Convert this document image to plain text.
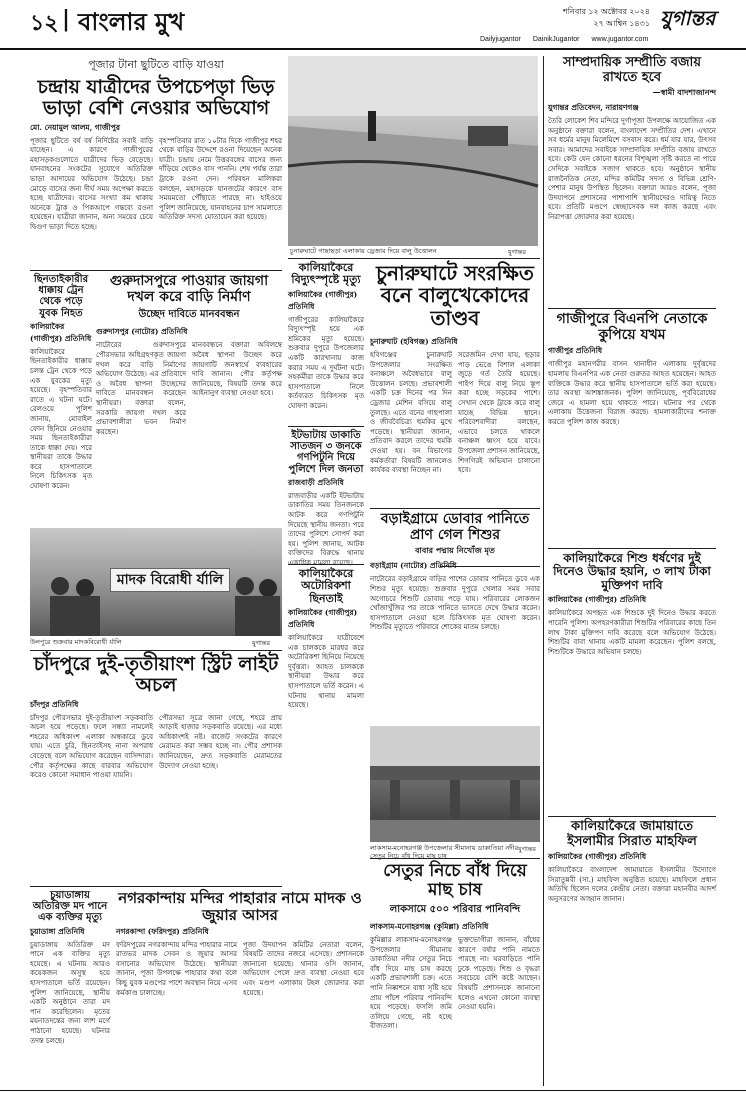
১২ | বাংলার মুখ	শনিবার ১২ অক্টোবর ২০২৪
২৭ আশ্বিন ১৪৩১ যুগান্তর
Dailyjugantor DainikJugantor www.jugantor.com
পূজার টানা ছুটিতে বাড়ি যাওয়া
চন্দ্রায় যাত্রীদের উপচেপড়া ভিড় ভাড়া বেশি নেওয়ার অভিযোগ
মো. নেয়ামুল আলম, গাজীপুর
পূজার ছুটিতে বর্ষ বর্ষ নির্দিষ্টের সবাই বাড়ি যাচ্ছেন। এ কারণে গাজীপুরের মহাসড়কগুলোতে যাত্রীদের ভিড় বেড়েছে। যানবাহনের সংকটের সুযোগে অতিরিক্ত ভাড়া আদায়ের অভিযোগ উঠেছে। চন্দ্রা মোড়ে বাসের জন্য দীর্ঘ সময় অপেক্ষা করতে হচ্ছে যাত্রীদের। বাসের সংখ্যা কম থাকায় অনেকে ট্রাক ও পিকআপে গন্তব্যে রওনা হয়েছেন। যাত্রীরা জানান, অন্য সময়ের চেয়ে দ্বিগুণ ভাড়া দিতে হচ্ছে।
বৃহস্পতিবার রাত ১০টার দিকে গাজীপুর শহর থেকে বাড়ির উদ্দেশে রওনা দিয়েছেন অনেক যাত্রী। চন্দ্রায় নেমে উত্তরবঙ্গের বাসের জন্য দাঁড়িয়ে থেকেও বাস পাননি। শেষ পর্যন্ত তারা ট্রাকে রওনা দেন। পরিবহন মালিকরা বলছেন, মহাসড়কে যানজটের কারণে বাস সময়মতো পৌঁছাতে পারছে না। হাইওয়ে পুলিশ জানিয়েছে, যানবাহনের চাপ সামলাতে অতিরিক্ত সদস্য মোতায়েন করা হয়েছে।
চুনারুঘাটে গাছাছড়া এলাকায় ড্রেজার দিয়ে বালু উত্তোলন	যুগান্তর
সাম্প্রদায়িক সম্প্রীতি বজায় রাখতে হবে
—স্বামী বাদশাজানন্দ
যুগান্তর প্রতিবেদন, নারায়ণগঞ্জ
তৈরি লোকেশ শিব মন্দিরে দুর্গাপূজা উপলক্ষে আয়োজিত এক অনুষ্ঠানে বক্তারা বলেন, বাংলাদেশ সম্প্রীতির দেশ। এখানে সব ধর্মের মানুষ মিলেমিশে বসবাস করে। ধর্ম যার যার, উৎসব সবার। আমাদের সবাইকে সাম্প্রদায়িক সম্প্রীতি বজায় রাখতে হবে। কেউ যেন কোনো ধরনের বিশৃঙ্খলা সৃষ্টি করতে না পারে সেদিকে সবাইকে সজাগ থাকতে হবে। অনুষ্ঠানে স্থানীয় রাজনৈতিক নেতা, মন্দির কমিটির সদস্য ও বিভিন্ন শ্রেণি-পেশার মানুষ উপস্থিত ছিলেন। বক্তারা আরও বলেন, পূজা উদযাপনে প্রশাসনের পাশাপাশি স্থানীয়দেরও দায়িত্ব নিতে হবে। প্রতিটি মণ্ডপে স্বেচ্ছাসেবক দল কাজ করছে এবং নিরাপত্তা জোরদার করা হয়েছে।
গাজীপুরে বিএনপি নেতাকে কুপিয়ে যখম
গাজীপুর প্রতিনিধি
গাজীপুর মহানগরীর বাসন থানাধীন এলাকায় দুর্বৃত্তদের হামলায় বিএনপির এক নেতা গুরুতর আহত হয়েছেন। আহত ব্যক্তিকে উদ্ধার করে স্থানীয় হাসপাতালে ভর্তি করা হয়েছে। তার অবস্থা আশঙ্কাজনক। পুলিশ জানিয়েছে, পূর্ববিরোধের জেরে এ হামলা হয়ে থাকতে পারে। ঘটনার পর থেকে এলাকায় উত্তেজনা বিরাজ করছে। হামলাকারীদের শনাক্ত করতে পুলিশ কাজ করছে।
কালিয়াকৈরে শিশু ধর্ষণের দুই দিনেও উদ্ধার হয়নি, ৩ লাখ টাকা মুক্তিপণ দাবি
কালিয়াকৈর (গাজীপুর) প্রতিনিধি
কালিয়াকৈরে অপহৃত এক শিশুকে দুই দিনেও উদ্ধার করতে পারেনি পুলিশ। অপহরণকারীরা শিশুটির পরিবারের কাছে তিন লাখ টাকা মুক্তিপণ দাবি করেছে বলে অভিযোগ উঠেছে। শিশুটির বাবা থানায় একটি মামলা করেছেন। পুলিশ বলছে, শিশুটিকে উদ্ধারে অভিযান চলছে।
কালিয়াকৈরে জামায়াতে ইসলামীর সিরাত মাহফিল
কালিয়াকৈর (গাজীপুর) প্রতিনিধি
কালিয়াকৈরে বাংলাদেশ জামায়াতে ইসলামীর উদ্যোগে সিরাতুন্নবী (সা.) মাহফিল অনুষ্ঠিত হয়েছে। মাহফিলে প্রধান অতিথি ছিলেন দলের কেন্দ্রীয় নেতা। বক্তারা মহানবীর আদর্শ অনুসরণের আহ্বান জানান।
কালিয়াকৈরে বিদ্যুৎস্পৃষ্টে মৃত্যু
কালিয়াকৈর (গাজীপুর) প্রতিনিধি
গাজীপুরের কালিয়াকৈরে বিদ্যুৎস্পৃষ্ট হয়ে এক শ্রমিকের মৃত্যু হয়েছে। শুক্রবার দুপুরে উপজেলার একটি কারখানায় কাজ করার সময় এ দুর্ঘটনা ঘটে। সহকর্মীরা তাকে উদ্ধার করে হাসপাতালে নিলে কর্তব্যরত চিকিৎসক মৃত ঘোষণা করেন।
চুনারুঘাটে সংরক্ষিত বনে বালুখেকোদের তাণ্ডব
চুনারুঘাট (হবিগঞ্জ) প্রতিনিধি
হবিগঞ্জের চুনারুঘাট উপজেলার সংরক্ষিত বনাঞ্চলে অবৈধভাবে বালু উত্তোলন চলছে। প্রভাবশালী একটি চক্র দিনের পর দিন ড্রেজার মেশিন বসিয়ে বালু তুলছে। এতে বনের গাছপালা ও জীববৈচিত্র্য হুমকির মুখে পড়েছে। স্থানীয়রা জানান, প্রতিবাদ করলে তাদের হুমকি দেওয়া হয়। বন বিভাগের কর্মকর্তারা বিষয়টি জানলেও কার্যকর ব্যবস্থা নিচ্ছেন না।
সরেজমিন দেখা যায়, ছড়ার পাড় ভেঙে বিশাল এলাকা জুড়ে গর্ত তৈরি হয়েছে। পাইপ দিয়ে বালু নিয়ে স্তূপ করা হচ্ছে সড়কের পাশে। সেখান থেকে ট্রাকে করে বালু যাচ্ছে বিভিন্ন স্থানে। পরিবেশবাদীরা বলছেন, এভাবে চলতে থাকলে বনাঞ্চল ধ্বংস হয়ে যাবে। উপজেলা প্রশাসন জানিয়েছে, শিগগিরই অভিযান চালানো হবে।
ইটভাটায় ডাকাতি সাতজন ৩ জনকে গণপিটুনি দিয়ে পুলিশে দিল জনতা
রাজবাড়ী প্রতিনিধি
রাজবাড়ীর একটি ইটভাটায় ডাকাতির সময় তিনজনকে আটক করে গণপিটুনি দিয়েছে স্থানীয় জনতা। পরে তাদের পুলিশে সোপর্দ করা হয়। পুলিশ জানায়, আটক ব্যক্তিদের বিরুদ্ধে থানায় একাধিক মামলা রয়েছে।
গুরুদাসপুরে পাওয়ার জায়গা দখল করে বাড়ি নির্মাণ
উচ্ছেদ দাবিতে মানববন্ধন
গুরুদাসপুর (নাটোর) প্রতিনিধি
নাটোরের গুরুদাসপুরে পৌরসভার অধিগ্রহণকৃত জায়গা দখল করে বাড়ি নির্মাণের অভিযোগ উঠেছে। এর প্রতিবাদে ও অবৈধ স্থাপনা উচ্ছেদের দাবিতে মানববন্ধন করেছেন স্থানীয়রা। বক্তারা বলেন, সরকারি জায়গা দখল করে প্রভাবশালীরা ভবন নির্মাণ করছেন।
মানববন্ধনে বক্তারা অবিলম্বে অবৈধ স্থাপনা উচ্ছেদ করে জায়গাটি জনস্বার্থে ব্যবহারের দাবি জানান। পৌর কর্তৃপক্ষ জানিয়েছে, বিষয়টি তদন্ত করে আইনানুগ ব্যবস্থা নেওয়া হবে।
ছিনতাইকারীর ধাক্কায় ট্রেন থেকে পড়ে যুবক নিহত
কালিয়াকৈর (গাজীপুর) প্রতিনিধি
কালিয়াকৈরে ছিনতাইকারীর ধাক্কায় চলন্ত ট্রেন থেকে পড়ে এক যুবকের মৃত্যু হয়েছে। বৃহস্পতিবার রাতে এ ঘটনা ঘটে। রেলওয়ে পুলিশ জানায়, মোবাইল ফোন ছিনিয়ে নেওয়ার সময় ছিনতাইকারীরা তাকে ধাক্কা দেয়। পরে স্থানীয়রা তাকে উদ্ধার করে হাসপাতালে নিলে চিকিৎসক মৃত ঘোষণা করেন।
মাদক বিরোধী র্যালি
উলপুরে শুক্রবার মাদকবিরোধী র্যালি	যুগান্তর
বড়াইগ্রামে ডোবার পানিতে প্রাণ গেল শিশুর
বাবার পদ্মায় নিখোঁজ মৃত
বড়াইগ্রাম (নাটোর) প্রতিনিধি
নাটোরের বড়াইগ্রামে বাড়ির পাশের ডোবার পানিতে ডুবে এক শিশুর মৃত্যু হয়েছে। শুক্রবার দুপুরে খেলার সময় সবার অগোচরে শিশুটি ডোবায় পড়ে যায়। পরিবারের লোকজন খোঁজাখুঁজির পর তাকে পানিতে ভাসতে দেখে উদ্ধার করেন। হাসপাতালে নেওয়া হলে চিকিৎসক মৃত ঘোষণা করেন। শিশুটির মৃত্যুতে পরিবারে শোকের মাতম চলছে।
চাঁদপুরে দুই-তৃতীয়াংশ স্ট্রিট লাইট অচল
চাঁদপুর প্রতিনিধি
চাঁদপুর পৌরসভার দুই-তৃতীয়াংশ সড়কবাতি অচল হয়ে পড়েছে। ফলে সন্ধ্যা নামলেই শহরের অধিকাংশ এলাকা অন্ধকারে ডুবে যায়। এতে চুরি, ছিনতাইসহ নানা অপরাধ বেড়েছে বলে অভিযোগ করেছেন বাসিন্দারা। পৌর কর্তৃপক্ষের কাছে বারবার অভিযোগ করেও কোনো সমাধান পাওয়া যায়নি।
পৌরসভা সূত্রে জানা গেছে, শহরে প্রায় আড়াই হাজার সড়কবাতি রয়েছে। এর মধ্যে অধিকাংশই নষ্ট। বাজেট সংকটের কারণে মেরামত করা সম্ভব হচ্ছে না। পৌর প্রশাসক জানিয়েছেন, দ্রুত সড়কবাতি মেরামতের উদ্যোগ নেওয়া হচ্ছে।
কালিয়াকৈরে অটোরিকশা ছিনতাই
কালিয়াকৈর (গাজীপুর) প্রতিনিধি
কালিয়াকৈরে যাত্রীবেশে এক চালককে মারধর করে অটোরিকশা ছিনিয়ে নিয়েছে দুর্বৃত্তরা। আহত চালককে স্থানীয়রা উদ্ধার করে হাসপাতালে ভর্তি করেন। এ ঘটনায় থানায় মামলা হয়েছে।
লাকসাম-মনোহরগঞ্জ উপজেলার সীমানায় ডাকাতিয়া নদীর সেতুর নিচে বাঁধ দিয়ে মাছ চাষ
যুগান্তর
সেতুর নিচে বাঁধ দিয়ে মাছ চাষ
লাকসামে ৫০০ পরিবার পানিবন্দি
লাকসাম-মনোহরগঞ্জ (কুমিল্লা) প্রতিনিধি
কুমিল্লার লাকসাম-মনোহরগঞ্জ উপজেলার সীমানায় ডাকাতিয়া নদীর সেতুর নিচে বাঁধ দিয়ে মাছ চাষ করছে একটি প্রভাবশালী চক্র। এতে পানি নিষ্কাশনে বাধা সৃষ্টি হয়ে প্রায় পাঁচশ পরিবার পানিবন্দি হয়ে পড়েছে। ফসলি জমি তলিয়ে গেছে, নষ্ট হচ্ছে বীজতলা।
ভুক্তভোগীরা জানান, বাঁধের কারণে বর্ষার পানি নামতে পারছে না। ঘরবাড়িতে পানি ঢুকে পড়েছে। শিশু ও বৃদ্ধরা সবচেয়ে বেশি কষ্টে আছেন। বিষয়টি প্রশাসনকে জানানো হলেও এখনো কোনো ব্যবস্থা নেওয়া হয়নি।
চুয়াডাঙ্গায় অতিরিক্ত মদ পানে এক ব্যক্তির মৃত্যু
চুয়াডাঙ্গা প্রতিনিধি
চুয়াডাঙ্গায় অতিরিক্ত মদ পানে এক ব্যক্তির মৃত্যু হয়েছে। এ ঘটনায় আরও কয়েকজন অসুস্থ হয়ে হাসপাতালে ভর্তি রয়েছেন। পুলিশ জানিয়েছে, স্থানীয় একটি অনুষ্ঠানে তারা মদ পান করেছিলেন। মৃতের ময়নাতদন্তের জন্য লাশ মর্গে পাঠানো হয়েছে। ঘটনার তদন্ত চলছে।
নগরকান্দায় মন্দির পাহারার নামে মাদক ও জুয়ার আসর
নগরকান্দা (ফরিদপুর) প্রতিনিধি
ফরিদপুরের নগরকান্দায় মন্দির পাহারার নামে রাতভর মাদক সেবন ও জুয়ার আসর বসানোর অভিযোগ উঠেছে। স্থানীয়রা জানান, পূজা উপলক্ষে পাহারার কথা বলে কিছু যুবক মণ্ডপের পাশে অবস্থান নিয়ে এসব কর্মকাণ্ড চালাচ্ছে।
পূজা উদযাপন কমিটির নেতারা বলেন, বিষয়টি তাদের নজরে এসেছে। প্রশাসনকে জানানো হয়েছে। থানার ওসি জানান, অভিযোগ পেলে দ্রুত ব্যবস্থা নেওয়া হবে এবং মণ্ডপ এলাকায় টহল জোরদার করা হয়েছে।
